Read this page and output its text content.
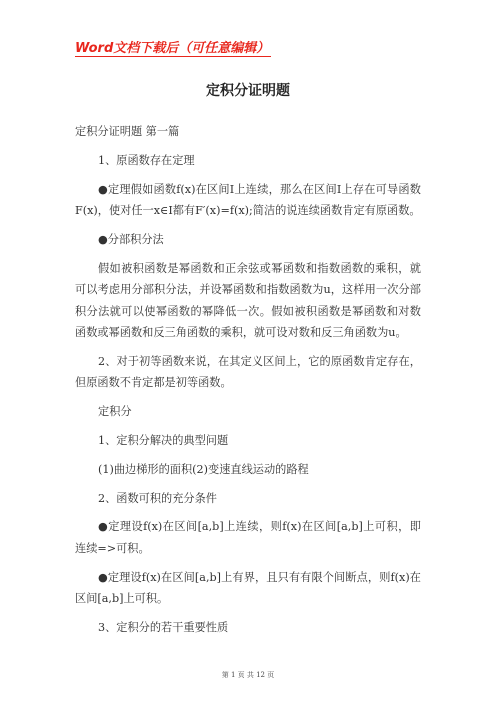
Word文档下载后（可任意编辑）
定积分证明题

定积分证明题 第一篇

1、原函数存在定理

●定理假如函数f(x)在区间I上连续，那么在区间I上存在可导函数F(x)，使对任一x∈I都有F′(x)=f(x);简洁的说连续函数肯定有原函数。

●分部积分法

假如被积函数是幂函数和正余弦或幂函数和指数函数的乘积，就可以考虑用分部积分法，并设幂函数和指数函数为u，这样用一次分部积分法就可以使幂函数的幂降低一次。假如被积函数是幂函数和对数函数或幂函数和反三角函数的乘积，就可设对数和反三角函数为u。

2、对于初等函数来说，在其定义区间上，它的原函数肯定存在，但原函数不肯定都是初等函数。

定积分

1、定积分解决的典型问题

(1)曲边梯形的面积(2)变速直线运动的路程

2、函数可积的充分条件

●定理设f(x)在区间[a,b]上连续，则f(x)在区间[a,b]上可积，即连续=>可积。

●定理设f(x)在区间[a,b]上有界，且只有有限个间断点，则f(x)在区间[a,b]上可积。

3、定积分的若干重要性质

第 1 页 共 12 页
